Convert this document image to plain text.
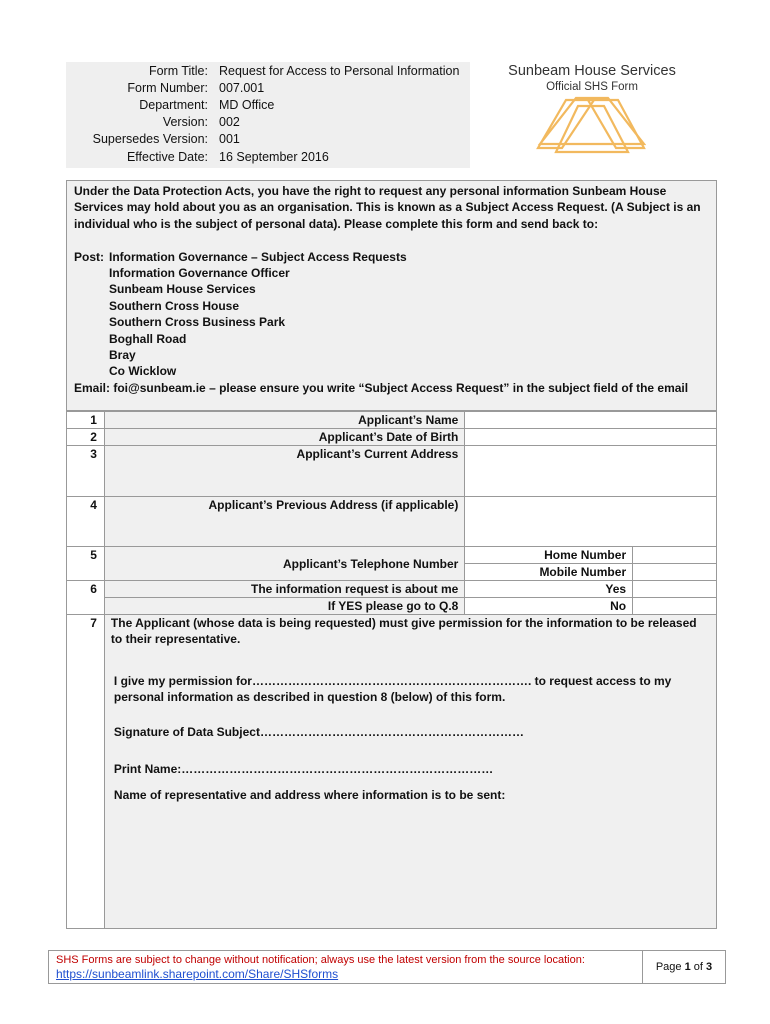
Form Title: Request for Access to Personal Information
Form Number: 007.001
Department: MD Office
Version: 002
Supersedes Version: 001
Effective Date: 16 September 2016
Sunbeam House Services
Official SHS Form

Under the Data Protection Acts, you have the right to request any personal information Sunbeam House Services may hold about you as an organisation. This is known as a Subject Access Request. (A Subject is an individual who is the subject of personal data). Please complete this form and send back to:

Post: Information Governance – Subject Access Requests
Information Governance Officer
Sunbeam House Services
Southern Cross House
Southern Cross Business Park
Boghall Road
Bray
Co Wicklow

Email: foi@sunbeam.ie – please ensure you write “Subject Access Request” in the subject field of the email

1	Applicant’s Name		
2	Applicant’s Date of Birth		
3	Applicant’s Current Address		
4	Applicant’s Previous Address (if applicable)		
5	Applicant’s Telephone Number	Home Number	
		Mobile Number	
6	The information request is about me	Yes	
	If YES please go to Q.8	No	
7	The Applicant (whose data is being requested) must give permission for the information to be released to their representative.

I give my permission for……………………………………………………………. to request access to my personal information as described in question 8 (below) of this form.

Signature of Data Subject…………………………………………………………

Print Name:……………………………………………………………………

Name of representative and address where information is to be sent:		

SHS Forms are subject to change without notification; always use the latest version from the source location:
https://sunbeamlink.sharepoint.com/Share/SHSforms	Page 1 of 3
